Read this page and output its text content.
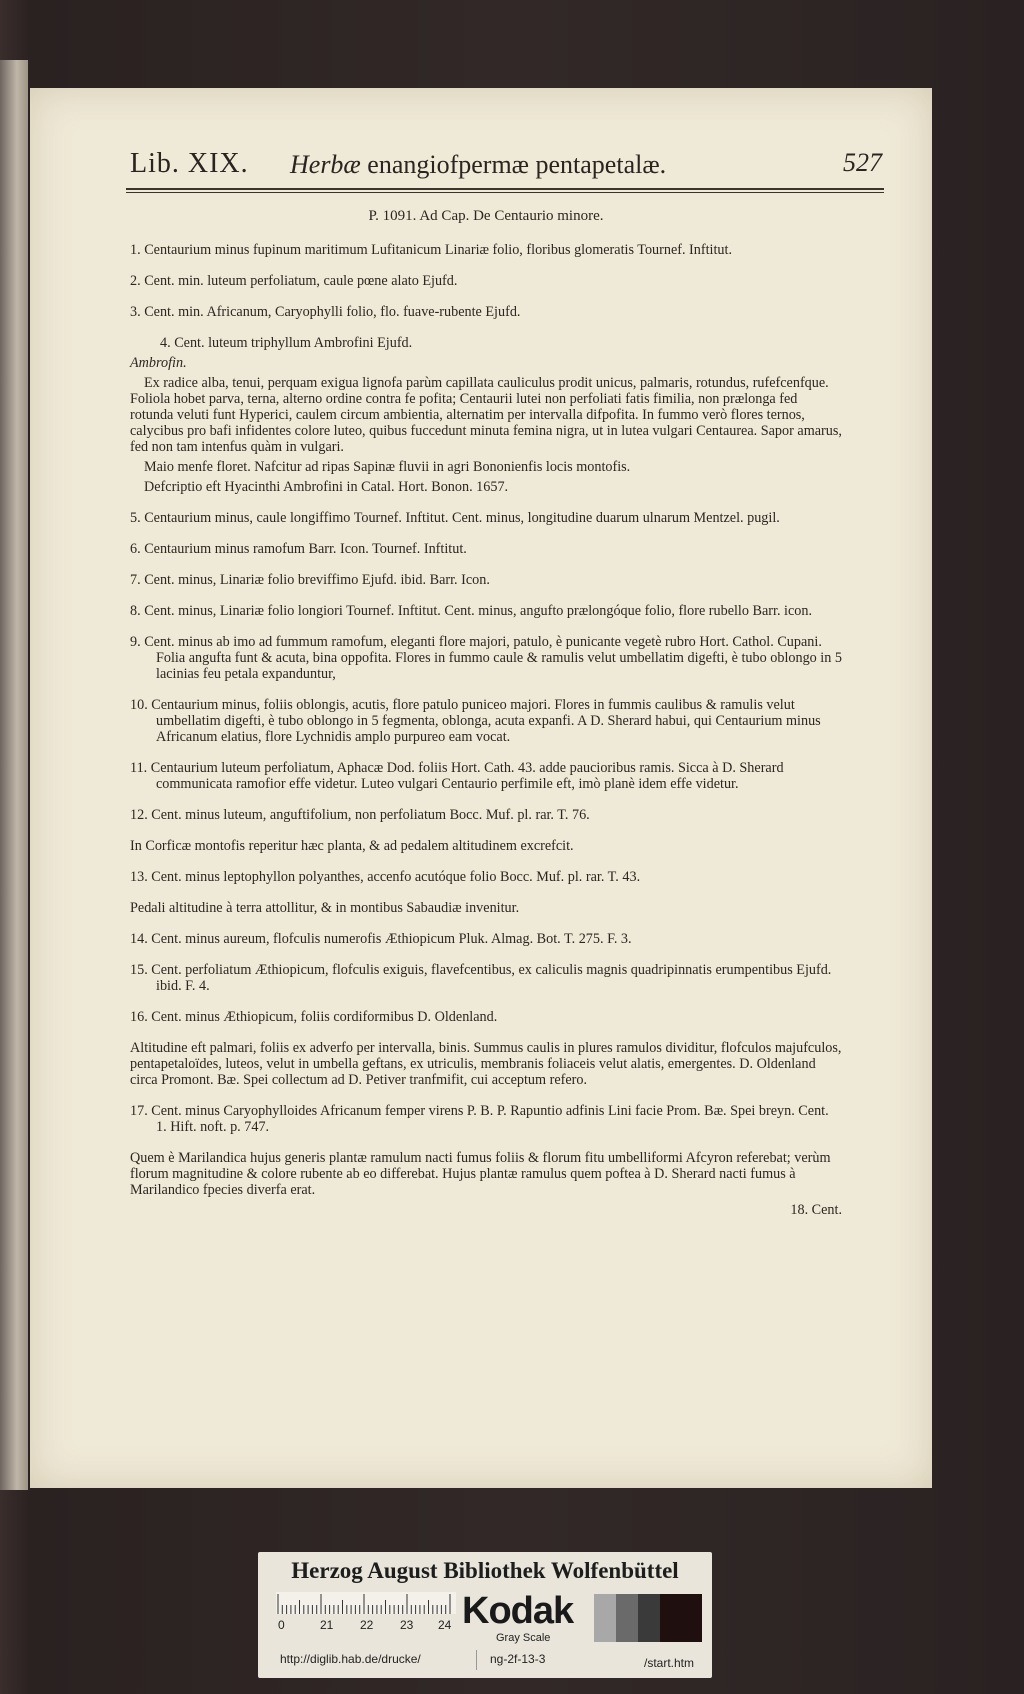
Lib. XIX. Herbæ enangiofpermæ pentapetalæ.	527

P. 1091. Ad Cap. De Centaurio minore.

1. Centaurium minus fupinum maritimum Lufitanicum Linariæ folio, floribus glomeratis Tournef. Inftitut.

2. Cent. min. luteum perfoliatum, caule pœne alato Ejufd.

3. Cent. min. Africanum, Caryophylli folio, flo. fuave-rubente Ejufd.

4. Cent. luteum triphyllum Ambrofini Ejufd.

Ambrofin.

Ex radice alba, tenui, perquam exigua lignofa parùm capillata cauliculus prodit unicus, palmaris, rotundus, rufefcenfque. Foliola hobet parva, terna, alterno ordine contra fe pofita; Centaurii lutei non perfoliati fatis fimilia, non prælonga fed rotunda veluti funt Hyperici, caulem circum ambientia, alternatim per intervalla difpofita. In fummo verò flores ternos, calycibus pro bafi infidentes colore luteo, quibus fuccedunt minuta femina nigra, ut in lutea vulgari Centaurea. Sapor amarus, fed non tam intenfus quàm in vulgari.

Maio menfe floret. Nafcitur ad ripas Sapinæ fluvii in agri Bononienfis locis montofis.

Defcriptio eft Hyacinthi Ambrofini in Catal. Hort. Bonon. 1657.

5. Centaurium minus, caule longiffimo Tournef. Inftitut. Cent. minus, longitudine duarum ulnarum Mentzel. pugil.

6. Centaurium minus ramofum Barr. Icon. Tournef. Inftitut.

7. Cent. minus, Linariæ folio breviffimo Ejufd. ibid. Barr. Icon.

8. Cent. minus, Linariæ folio longiori Tournef. Inftitut. Cent. minus, angufto prælongóque folio, flore rubello Barr. icon.

9. Cent. minus ab imo ad fummum ramofum, eleganti flore majori, patulo, è punicante vegetè rubro Hort. Cathol. Cupani. Folia angufta funt & acuta, bina oppofita. Flores in fummo caule & ramulis velut umbellatim digefti, è tubo oblongo in 5 lacinias feu petala expanduntur,

10. Centaurium minus, foliis oblongis, acutis, flore patulo puniceo majori. Flores in fummis caulibus & ramulis velut umbellatim digefti, è tubo oblongo in 5 fegmenta, oblonga, acuta expanfi. A D. Sherard habui, qui Centaurium minus Africanum elatius, flore Lychnidis amplo purpureo eam vocat.

11. Centaurium luteum perfoliatum, Aphacæ Dod. foliis Hort. Cath. 43. adde paucioribus ramis. Sicca à D. Sherard communicata ramofior effe videtur. Luteo vulgari Centaurio perfimile eft, imò planè idem effe videtur.

12. Cent. minus luteum, anguftifolium, non perfoliatum Bocc. Muf. pl. rar. T. 76.

In Corficæ montofis reperitur hæc planta, & ad pedalem altitudinem excrefcit.

13. Cent. minus leptophyllon polyanthes, accenfo acutóque folio Bocc. Muf. pl. rar. T. 43.

Pedali altitudine à terra attollitur, & in montibus Sabaudiæ invenitur.

14. Cent. minus aureum, flofculis numerofis Æthiopicum Pluk. Almag. Bot. T. 275. F. 3.

15. Cent. perfoliatum Æthiopicum, flofculis exiguis, flavefcentibus, ex caliculis magnis quadripinnatis erumpentibus Ejufd. ibid. F. 4.

16. Cent. minus Æthiopicum, foliis cordiformibus D. Oldenland.

Altitudine eft palmari, foliis ex adverfo per intervalla, binis. Summus caulis in plures ramulos dividitur, flofculos majufculos, pentapetaloïdes, luteos, velut in umbella geftans, ex utriculis, membranis foliaceis velut alatis, emergentes. D. Oldenland circa Promont. Bæ. Spei collectum ad D. Petiver tranfmifit, cui acceptum refero.

17. Cent. minus Caryophylloides Africanum femper virens P. B. P. Rapuntio adfinis Lini facie Prom. Bæ. Spei breyn. Cent. 1. Hift. noft. p. 747.

Quem è Marilandica hujus generis plantæ ramulum nacti fumus foliis & florum fitu umbelliformi Afcyron referebat; verùm florum magnitudine & colore rubente ab eo differebat. Hujus plantæ ramulus quem poftea à D. Sherard nacti fumus à Marilandico fpecies diverfa erat.

18. Cent.

Herzog August Bibliothek Wolfenbüttel
0	21 22 23 24 Kodak
Gray Scale
http://diglib.hab.de/drucke/	ng-2f-13-3	/start.htm
